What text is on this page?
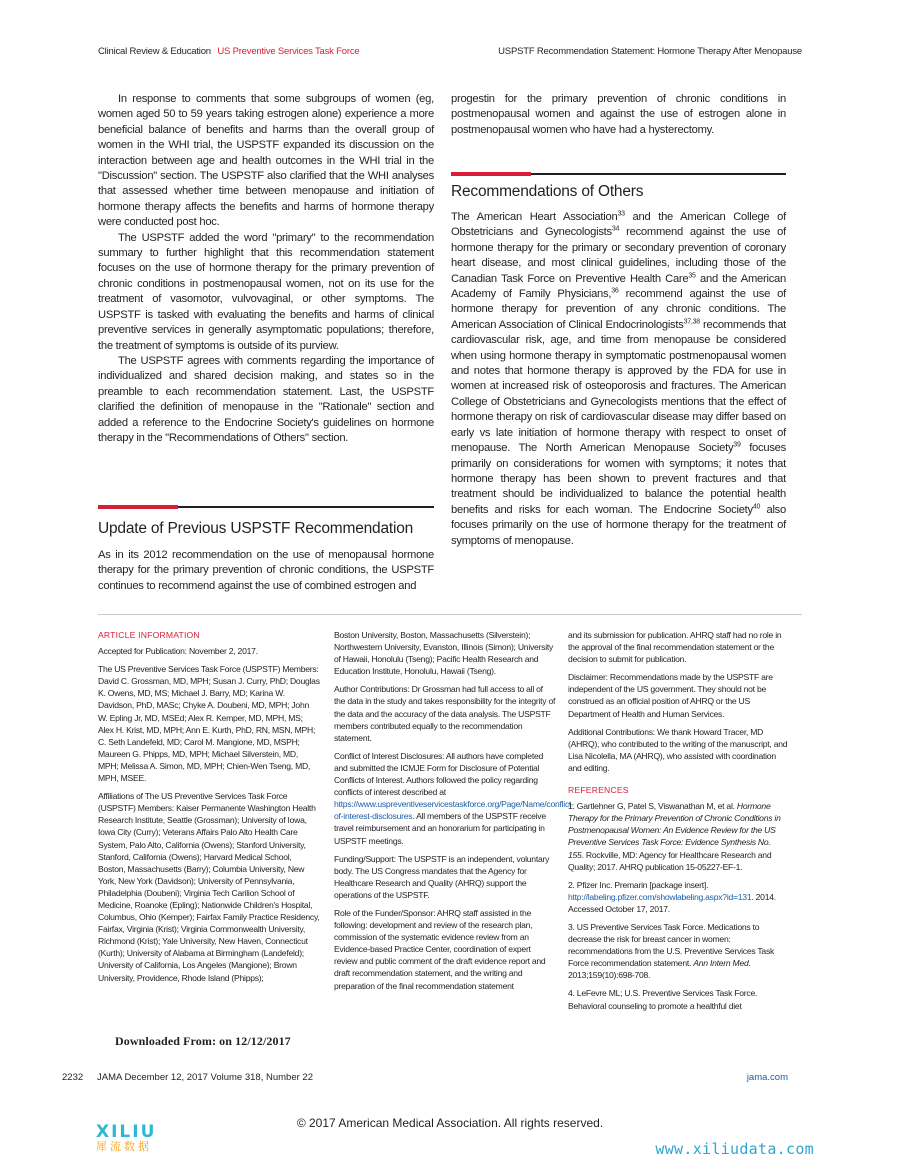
Clinical Review & Education US Preventive Services Task Force	USPSTF Recommendation Statement: Hormone Therapy After Menopause

In response to comments that some subgroups of women (eg, women aged 50 to 59 years taking estrogen alone) experience a more beneficial balance of benefits and harms than the overall group of women in the WHI trial, the USPSTF expanded its discussion on the interaction between age and health outcomes in the WHI trial in the "Discussion" section. The USPSTF also clarified that the WHI analyses that assessed whether time between menopause and initiation of hormone therapy affects the benefits and harms of hormone therapy were conducted post hoc.

The USPSTF added the word "primary" to the recommendation summary to further highlight that this recommendation statement focuses on the use of hormone therapy for the primary prevention of chronic conditions in postmenopausal women, not on its use for the treatment of vasomotor, vulvovaginal, or other symptoms. The USPSTF is tasked with evaluating the benefits and harms of clinical preventive services in generally asymptomatic populations; therefore, the treatment of symptoms is outside of its purview.

The USPSTF agrees with comments regarding the importance of individualized and shared decision making, and states so in the preamble to each recommendation statement. Last, the USPSTF clarified the definition of menopause in the "Rationale" section and added a reference to the Endocrine Society's guidelines on hormone therapy in the "Recommendations of Others" section.

Update of Previous USPSTF Recommendation

As in its 2012 recommendation on the use of menopausal hormone therapy for the primary prevention of chronic conditions, the USPSTF continues to recommend against the use of combined estrogen and

progestin for the primary prevention of chronic conditions in postmenopausal women and against the use of estrogen alone in postmenopausal women who have had a hysterectomy.

Recommendations of Others

The American Heart Association$^{33}$ and the American College of Obstetricians and Gynecologists$^{34}$ recommend against the use of hormone therapy for the primary or secondary prevention of coronary heart disease, and most clinical guidelines, including those of the Canadian Task Force on Preventive Health Care$^{35}$ and the American Academy of Family Physicians,$^{36}$ recommend against the use of hormone therapy for prevention of any chronic conditions. The American Association of Clinical Endocrinologists$^{37,38}$ recommends that cardiovascular risk, age, and time from menopause be considered when using hormone therapy in symptomatic postmenopausal women and notes that hormone therapy is approved by the FDA for use in women at increased risk of osteoporosis and fractures. The American College of Obstetricians and Gynecologists mentions that the effect of hormone therapy on risk of cardiovascular disease may differ based on early vs late initiation of hormone therapy with respect to onset of menopause. The North American Menopause Society$^{39}$ focuses primarily on considerations for women with symptoms; it notes that hormone therapy has been shown to prevent fractures and that treatment should be individualized to balance the potential health benefits and risks for each woman. The Endocrine Society$^{40}$ also focuses primarily on the use of hormone therapy for the treatment of symptoms of menopause.

ARTICLE INFORMATION

Accepted for Publication: November 2, 2017.

The US Preventive Services Task Force (USPSTF) Members: David C. Grossman, MD, MPH; Susan J. Curry, PhD; Douglas K. Owens, MD, MS; Michael J. Barry, MD; Karina W. Davidson, PhD, MASc; Chyke A. Doubeni, MD, MPH; John W. Epling Jr, MD, MSEd; Alex R. Kemper, MD, MPH, MS; Alex H. Krist, MD, MPH; Ann E. Kurth, PhD, RN, MSN, MPH; C. Seth Landefeld, MD; Carol M. Mangione, MD, MSPH; Maureen G. Phipps, MD, MPH; Michael Silverstein, MD, MPH; Melissa A. Simon, MD, MPH; Chien-Wen Tseng, MD, MPH, MSEE.

Affiliations of The US Preventive Services Task Force (USPSTF) Members: Kaiser Permanente Washington Health Research Institute, Seattle (Grossman); University of Iowa, Iowa City (Curry); Veterans Affairs Palo Alto Health Care System, Palo Alto, California (Owens); Stanford University, Stanford, California (Owens); Harvard Medical School, Boston, Massachusetts (Barry); Columbia University, New York, New York (Davidson); University of Pennsylvania, Philadelphia (Doubeni); Virginia Tech Carilion School of Medicine, Roanoke (Epling); Nationwide Children's Hospital, Columbus, Ohio (Kemper); Fairfax Family Practice Residency, Fairfax, Virginia (Krist); Virginia Commonwealth University, Richmond (Krist); Yale University, New Haven, Connecticut (Kurth); University of Alabama at Birmingham (Landefeld); University of California, Los Angeles (Mangione); Brown University, Providence, Rhode Island (Phipps);

Boston University, Boston, Massachusetts (Silverstein); Northwestern University, Evanston, Illinois (Simon); University of Hawaii, Honolulu (Tseng); Pacific Health Research and Education Institute, Honolulu, Hawaii (Tseng).

Author Contributions: Dr Grossman had full access to all of the data in the study and takes responsibility for the integrity of the data and the accuracy of the data analysis. The USPSTF members contributed equally to the recommendation statement.

Conflict of Interest Disclosures: All authors have completed and submitted the ICMJE Form for Disclosure of Potential Conflicts of Interest. Authors followed the policy regarding conflicts of interest described at https://www.uspreventiveservicestaskforce.org/Page/Name/conflict-of-interest-disclosures. All members of the USPSTF receive travel reimbursement and an honorarium for participating in USPSTF meetings.

Funding/Support: The USPSTF is an independent, voluntary body. The US Congress mandates that the Agency for Healthcare Research and Quality (AHRQ) support the operations of the USPSTF.

Role of the Funder/Sponsor: AHRQ staff assisted in the following: development and review of the research plan, commission of the systematic evidence review from an Evidence-based Practice Center, coordination of expert review and public comment of the draft evidence report and draft recommendation statement, and the writing and preparation of the final recommendation statement

and its submission for publication. AHRQ staff had no role in the approval of the final recommendation statement or the decision to submit for publication.

Disclaimer: Recommendations made by the USPSTF are independent of the US government. They should not be construed as an official position of AHRQ or the US Department of Health and Human Services.

Additional Contributions: We thank Howard Tracer, MD (AHRQ), who contributed to the writing of the manuscript, and Lisa Nicolella, MA (AHRQ), who assisted with coordination and editing.

REFERENCES

1. Gartlehner G, Patel S, Viswanathan M, et al. Hormone Therapy for the Primary Prevention of Chronic Conditions in Postmenopausal Women: An Evidence Review for the US Preventive Services Task Force: Evidence Synthesis No. 155. Rockville, MD: Agency for Healthcare Research and Quality; 2017. AHRQ publication 15-05227-EF-1.

2. Pfizer Inc. Premarin [package insert]. http://labeling.pfizer.com/showlabeling.aspx?id=131. 2014. Accessed October 17, 2017.

3. US Preventive Services Task Force. Medications to decrease the risk for breast cancer in women: recommendations from the U.S. Preventive Services Task Force recommendation statement. Ann Intern Med. 2013;159(10):698-708.

4. LeFevre ML; U.S. Preventive Services Task Force. Behavioral counseling to promote a healthful diet

Downloaded From: on 12/12/2017
2232 JAMA December 12, 2017 Volume 318, Number 22	jama.com
© 2017 American Medical Association. All rights reserved.
XILIU
犀流数据	www.xiliudata.com
